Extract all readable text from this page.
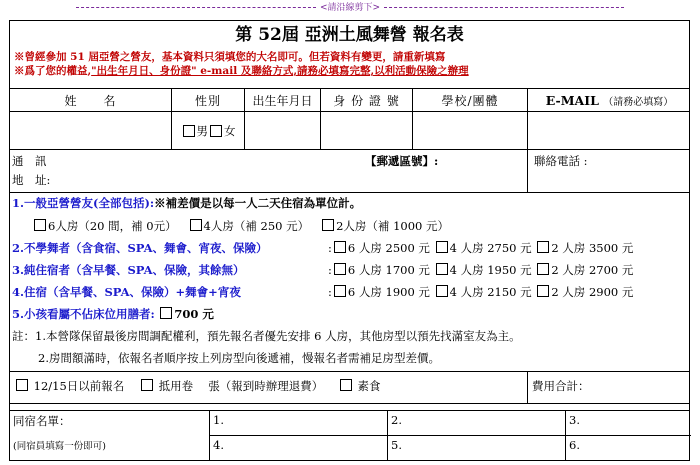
<請沿線剪下>
第 52屆 亞洲土風舞營 報名表
※曾經參加 51 屆亞營之營友，基本資料只須填您的大名即可。但若資料有變更，請重新填寫
※爲了您的權益,"出生年月日、身份證" e-mail 及聯絡方式,請務必填寫完整,以利活動保險之辦理
姓　　名	性別	出生年月日	身 份 證 號	學校/團體	E-MAIL
（請務必填寫）
男 女
通　訊
地　址:
【郵遞區號】:	聯絡電話 :
1.一般亞營營友(全部包括):※補差價是以每一人二天住宿為單位計。
6人房（20 間，補 0元） 4人房（補 250 元） 2人房（補 1000 元）
2.不學舞者（含食宿、SPA、舞會、宵夜、保險）	: 6 人房 2500 元 4 人房 2750 元 2 人房 3500 元
3.純住宿者（含早餐、SPA、保險，其餘無）	: 6 人房 1700 元 4 人房 1950 元 2 人房 2700 元
4.住宿（含早餐、SPA、保險）+舞會+宵夜	: 6 人房 1900 元 4 人房 2150 元 2 人房 2900 元
5.小孩看屬不佔床位用膳者: 700 元
註：1.本營隊保留最後房間調配權利，預先報名者優先安排 6 人房，其他房型以預先找滿室友為主。
2.房間額滿時，依報名者順序按上列房型向後遞補，慢報名者需補足房型差價。
12/15日以前報名	抵用卷　 張（報到時辦理退費）	素食	費用合計：
同宿名單：
(同宿員填寫一份即可)
1.	2.	3.
4.	5.	6.
